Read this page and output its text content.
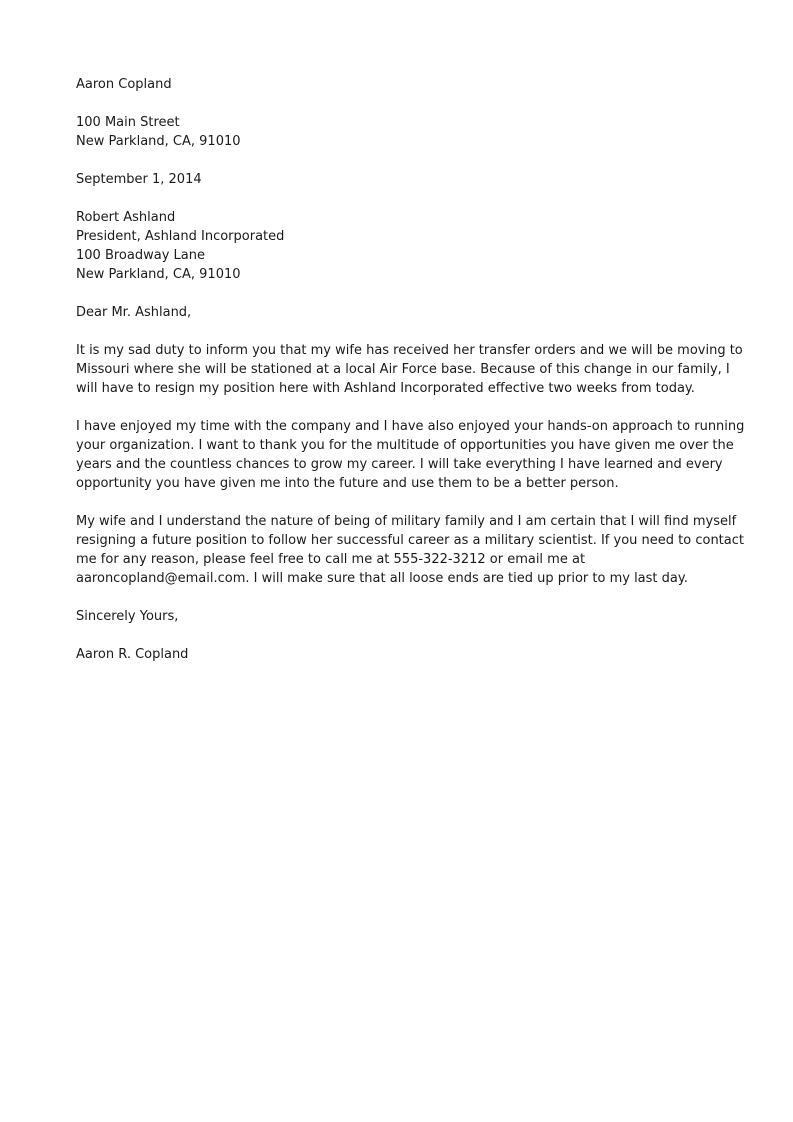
Aaron Copland
100 Main Street
New Parkland, CA, 91010
September 1, 2014
Robert Ashland
President, Ashland Incorporated
100 Broadway Lane
New Parkland, CA, 91010
Dear Mr. Ashland,
It is my sad duty to inform you that my wife has received her transfer orders and we will be moving to
Missouri where she will be stationed at a local Air Force base. Because of this change in our family, I
will have to resign my position here with Ashland Incorporated effective two weeks from today.
I have enjoyed my time with the company and I have also enjoyed your hands-on approach to running
your organization. I want to thank you for the multitude of opportunities you have given me over the
years and the countless chances to grow my career. I will take everything I have learned and every
opportunity you have given me into the future and use them to be a better person.
My wife and I understand the nature of being of military family and I am certain that I will find myself
resigning a future position to follow her successful career as a military scientist. If you need to contact
me for any reason, please feel free to call me at 555-322-3212 or email me at
aaroncopland@email.com. I will make sure that all loose ends are tied up prior to my last day.
Sincerely Yours,
Aaron R. Copland
